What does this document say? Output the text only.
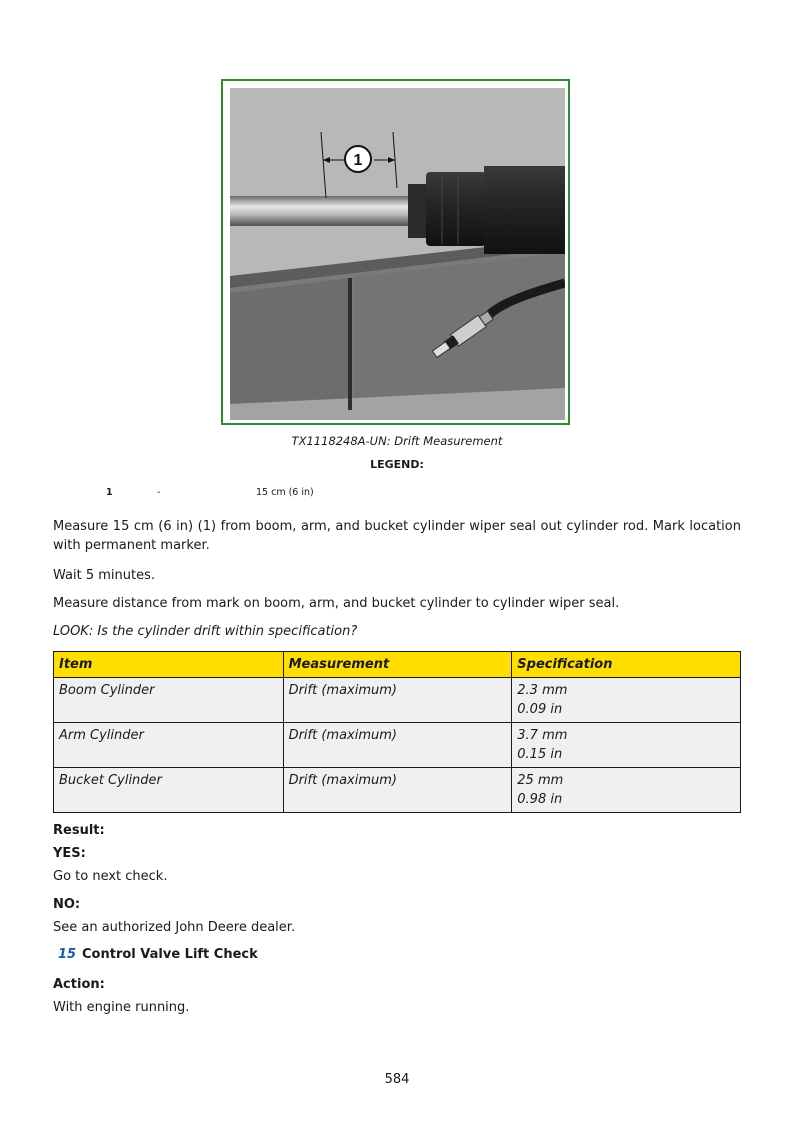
1
TX1118248A-UN: Drift Measurement
LEGEND:
1	-	15 cm (6 in)
Measure 15 cm (6 in) (1) from boom, arm, and bucket cylinder wiper seal out cylinder rod. Mark location with permanent marker.
Wait 5 minutes.
Measure distance from mark on boom, arm, and bucket cylinder to cylinder wiper seal.
LOOK: Is the cylinder drift within specification?
Item	Measurement	Specification
Boom Cylinder	Drift (maximum)	2.3 mm
0.09 in

Arm Cylinder	Drift (maximum)	3.7 mm
0.15 in

Bucket Cylinder	Drift (maximum)	25 mm
0.98 in
Result:
YES:
Go to next check.
NO:
See an authorized John Deere dealer.
15 Control Valve Lift Check
Action:
With engine running.
584
